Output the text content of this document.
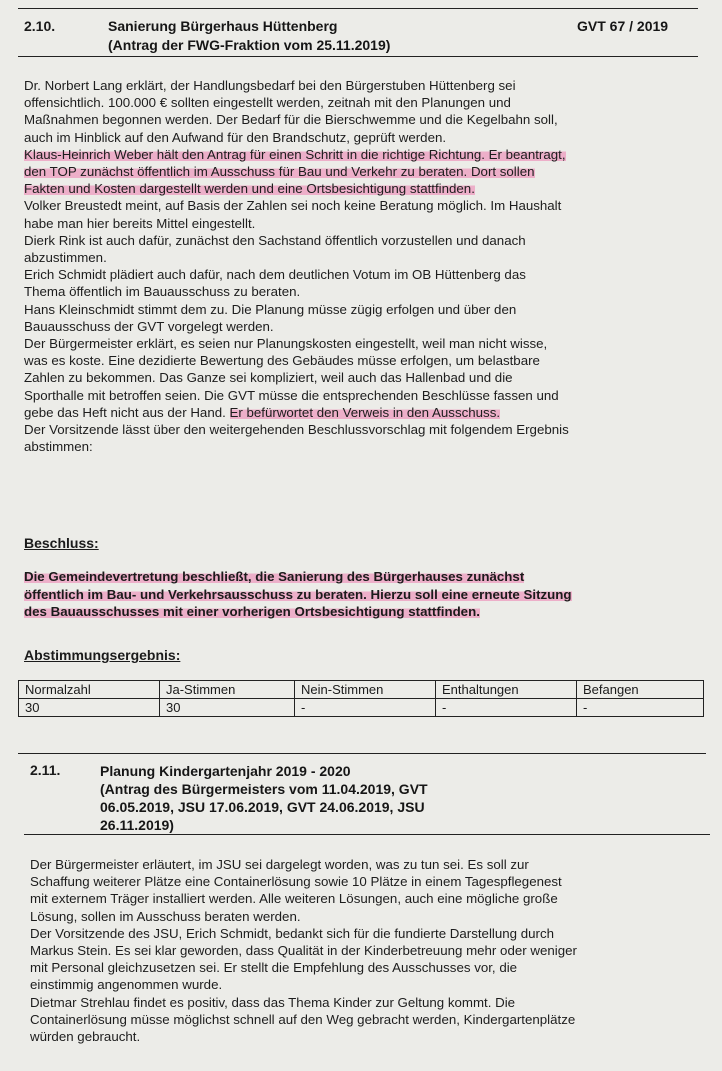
2.10.	Sanierung Bürgerhaus Hüttenberg	GVT 67 / 2019
(Antrag der FWG-Fraktion vom 25.11.2019)

Dr. Norbert Lang erklärt, der Handlungsbedarf bei den Bürgerstuben Hüttenberg sei

offensichtlich. 100.000 € sollten eingestellt werden, zeitnah mit den Planungen und

Maßnahmen begonnen werden. Der Bedarf für die Bierschwemme und die Kegelbahn soll,

auch im Hinblick auf den Aufwand für den Brandschutz, geprüft werden.

Klaus-Heinrich Weber hält den Antrag für einen Schritt in die richtige Richtung. Er beantragt,

den TOP zunächst öffentlich im Ausschuss für Bau und Verkehr zu beraten. Dort sollen

Fakten und Kosten dargestellt werden und eine Ortsbesichtigung stattfinden.

Volker Breustedt meint, auf Basis der Zahlen sei noch keine Beratung möglich. Im Haushalt

habe man hier bereits Mittel eingestellt.

Dierk Rink ist auch dafür, zunächst den Sachstand öffentlich vorzustellen und danach

abzustimmen.

Erich Schmidt plädiert auch dafür, nach dem deutlichen Votum im OB Hüttenberg das

Thema öffentlich im Bauausschuss zu beraten.

Hans Kleinschmidt stimmt dem zu. Die Planung müsse zügig erfolgen und über den

Bauausschuss der GVT vorgelegt werden.

Der Bürgermeister erklärt, es seien nur Planungskosten eingestellt, weil man nicht wisse,

was es koste. Eine dezidierte Bewertung des Gebäudes müsse erfolgen, um belastbare

Zahlen zu bekommen. Das Ganze sei kompliziert, weil auch das Hallenbad und die

Sporthalle mit betroffen seien. Die GVT müsse die entsprechenden Beschlüsse fassen und

gebe das Heft nicht aus der Hand. Er befürwortet den Verweis in den Ausschuss.

Der Vorsitzende lässt über den weitergehenden Beschlussvorschlag mit folgendem Ergebnis

abstimmen:

Beschluss:
Die Gemeindevertretung beschließt, die Sanierung des Bürgerhauses zunächst
öffentlich im Bau- und Verkehrsausschuss zu beraten. Hierzu soll eine erneute Sitzung
des Bauausschusses mit einer vorherigen Ortsbesichtigung stattfinden.
Abstimmungsergebnis:
Normalzahl	Ja-Stimmen	Nein-Stimmen	Enthaltungen	Befangen
30	30	-	-	-
2.11.	Planung Kindergartenjahr 2019 - 2020
(Antrag des Bürgermeisters vom 11.04.2019, GVT
06.05.2019, JSU 17.06.2019, GVT 24.06.2019, JSU
26.11.2019)

Der Bürgermeister erläutert, im JSU sei dargelegt worden, was zu tun sei. Es soll zur

Schaffung weiterer Plätze eine Containerlösung sowie 10 Plätze in einem Tagespflegenest

mit externem Träger installiert werden. Alle weiteren Lösungen, auch eine mögliche große

Lösung, sollen im Ausschuss beraten werden.

Der Vorsitzende des JSU, Erich Schmidt, bedankt sich für die fundierte Darstellung durch

Markus Stein. Es sei klar geworden, dass Qualität in der Kinderbetreuung mehr oder weniger

mit Personal gleichzusetzen sei. Er stellt die Empfehlung des Ausschusses vor, die

einstimmig angenommen wurde.

Dietmar Strehlau findet es positiv, dass das Thema Kinder zur Geltung kommt. Die

Containerlösung müsse möglichst schnell auf den Weg gebracht werden, Kindergartenplätze

würden gebraucht.
